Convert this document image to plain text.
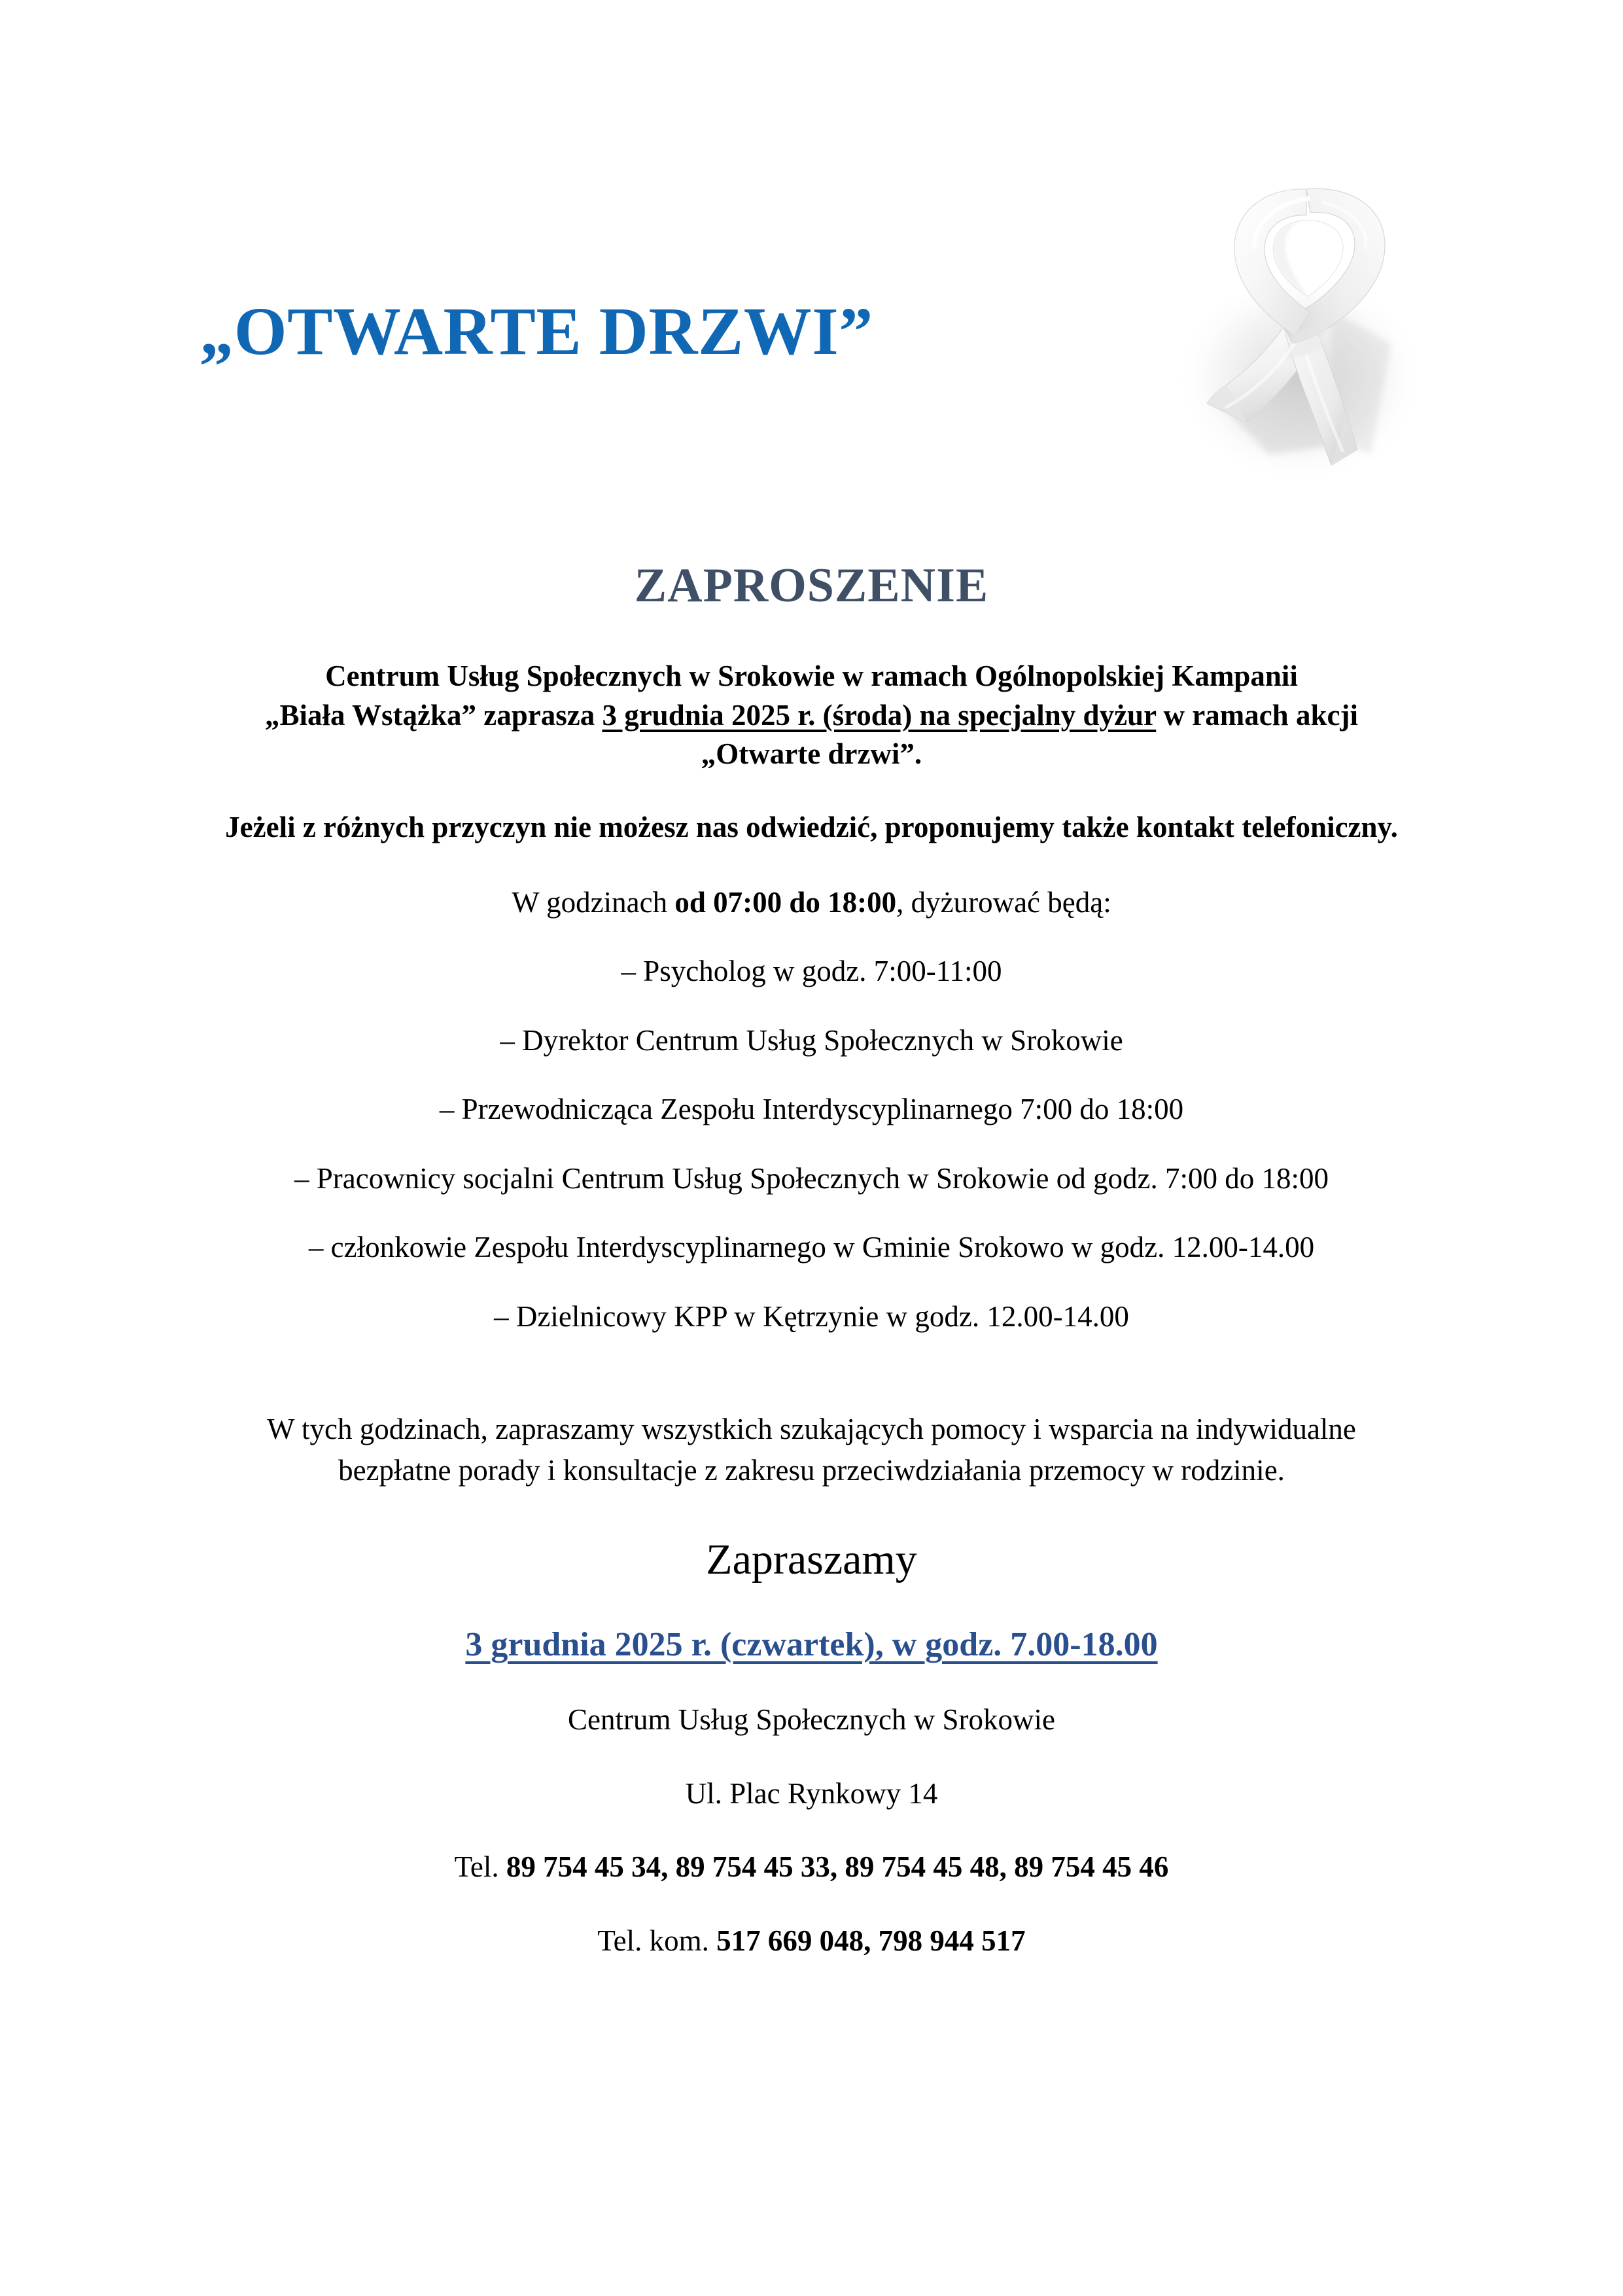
„OTWARTE DRZWI”
ZAPROSZENIE

Centrum Usług Społecznych w Srokowie w ramach Ogólnopolskiej Kampanii
„Biała Wstążka” zaprasza 3 grudnia 2025 r. (środa) na specjalny dyżur w ramach akcji
„Otwarte drzwi”.

Jeżeli z różnych przyczyn nie możesz nas odwiedzić, proponujemy także kontakt telefoniczny.

W godzinach od 07:00 do 18:00, dyżurować będą:

– Psycholog w godz. 7:00-11:00
– Dyrektor Centrum Usług Społecznych w Srokowie
– Przewodnicząca Zespołu Interdyscyplinarnego 7:00 do 18:00
– Pracownicy socjalni Centrum Usług Społecznych w Srokowie od godz. 7:00 do 18:00
– członkowie Zespołu Interdyscyplinarnego w Gminie Srokowo w godz. 12.00-14.00
– Dzielnicowy KPP w Kętrzynie w godz. 12.00-14.00

W tych godzinach, zapraszamy wszystkich szukających pomocy i wsparcia na indywidualne bezpłatne porady i konsultacje z zakresu przeciwdziałania przemocy w rodzinie.

Zapraszamy

3 grudnia 2025 r. (czwartek), w godz. 7.00-18.00

Centrum Usług Społecznych w Srokowie

Ul. Plac Rynkowy 14

Tel. 89 754 45 34, 89 754 45 33, 89 754 45 48, 89 754 45 46

Tel. kom. 517 669 048, 798 944 517
